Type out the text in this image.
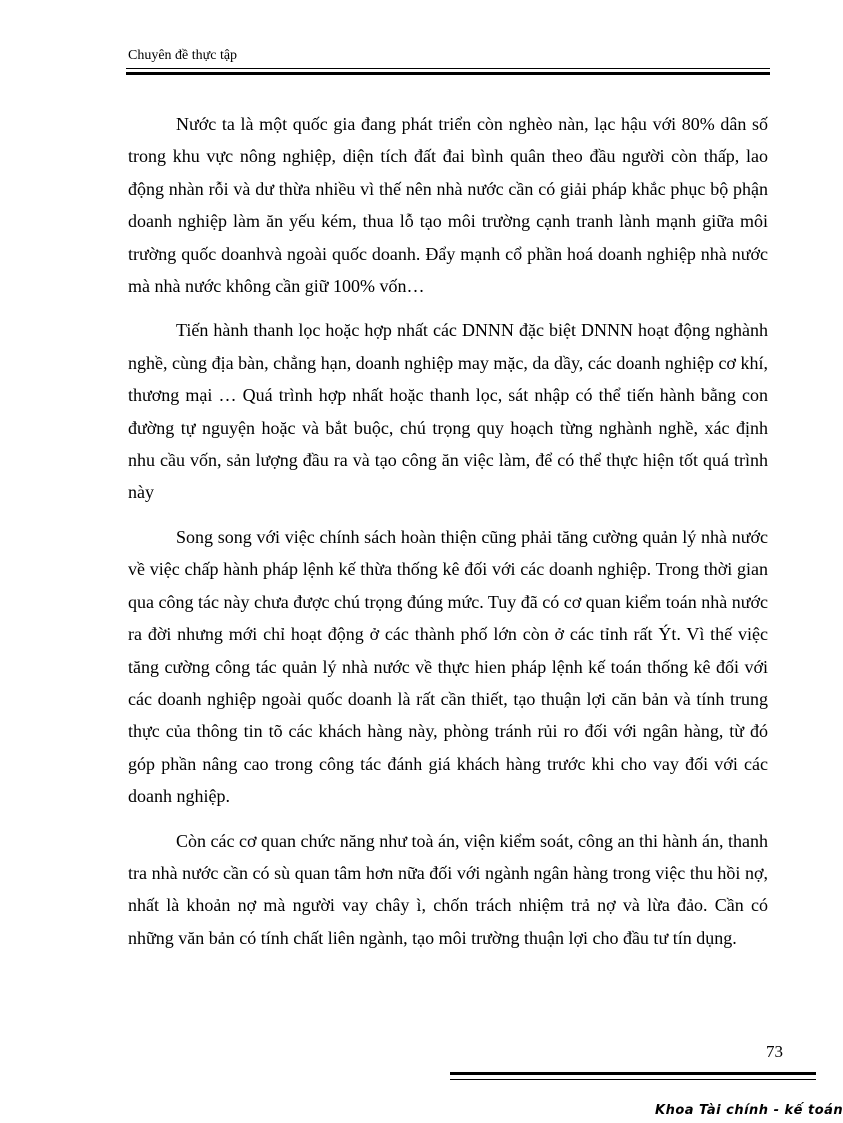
Chuyên đề thực tập

Nước ta là một quốc gia đang phát triển còn nghèo nàn, lạc hậu với 80% dân số trong khu vực nông nghiệp, diện tích đất đai bình quân theo đầu người còn thấp, lao động nhàn rỗi và dư thừa nhiều vì thế nên nhà nước cần có giải pháp khắc phục bộ phận doanh nghiệp làm ăn yếu kém, thua lỗ tạo môi trường cạnh tranh lành mạnh giữa môi trường quốc doanhvà ngoài quốc doanh. Đẩy mạnh cổ phần hoá doanh nghiệp nhà nước mà nhà nước không cần giữ 100% vốn…

Tiến hành thanh lọc hoặc hợp nhất các DNNN đặc biệt DNNN hoạt động nghành nghề, cùng địa bàn, chẳng hạn, doanh nghiệp may mặc, da dầy, các doanh nghiệp cơ khí, thương mại … Quá trình hợp nhất hoặc thanh lọc, sát nhập có thể tiến hành bằng con đường tự nguyện hoặc và bắt buộc, chú trọng quy hoạch từng nghành nghề, xác định nhu cầu vốn, sản lượng đầu ra và tạo công ăn việc làm, để có thể thực hiện tốt quá trình này

Song song với việc chính sách hoàn thiện cũng phải tăng cường quản lý nhà nước về việc chấp hành pháp lệnh kế thừa thống kê đối với các doanh nghiệp. Trong thời gian qua công tác này chưa được chú trọng đúng mức. Tuy đã có cơ quan kiểm toán nhà nước ra đời nhưng mới chỉ hoạt động ở các thành phố lớn còn ở các tỉnh rất Ýt. Vì thế việc tăng cường công tác quản lý nhà nước về thực hien pháp lệnh kế toán thống kê đối với các doanh nghiệp ngoài quốc doanh là rất cần thiết, tạo thuận lợi căn bản và tính trung thực của thông tin tõ các khách hàng này, phòng tránh rủi ro đối với ngân hàng, từ đó góp phần nâng cao trong công tác đánh giá khách hàng trước khi cho vay đối với các doanh nghiệp.

Còn các cơ quan chức năng như toà án, viện kiểm soát, công an thi hành án, thanh tra nhà nước cần có sù quan tâm hơn nữa đối với ngành ngân hàng trong việc thu hồi nợ, nhất là khoản nợ mà người vay chây ì, chốn trách nhiệm trả nợ và lừa đảo. Cần có những văn bản có tính chất liên ngành, tạo môi trường thuận lợi cho đầu tư tín dụng.

73
Khoa Tài chính - kế toán
